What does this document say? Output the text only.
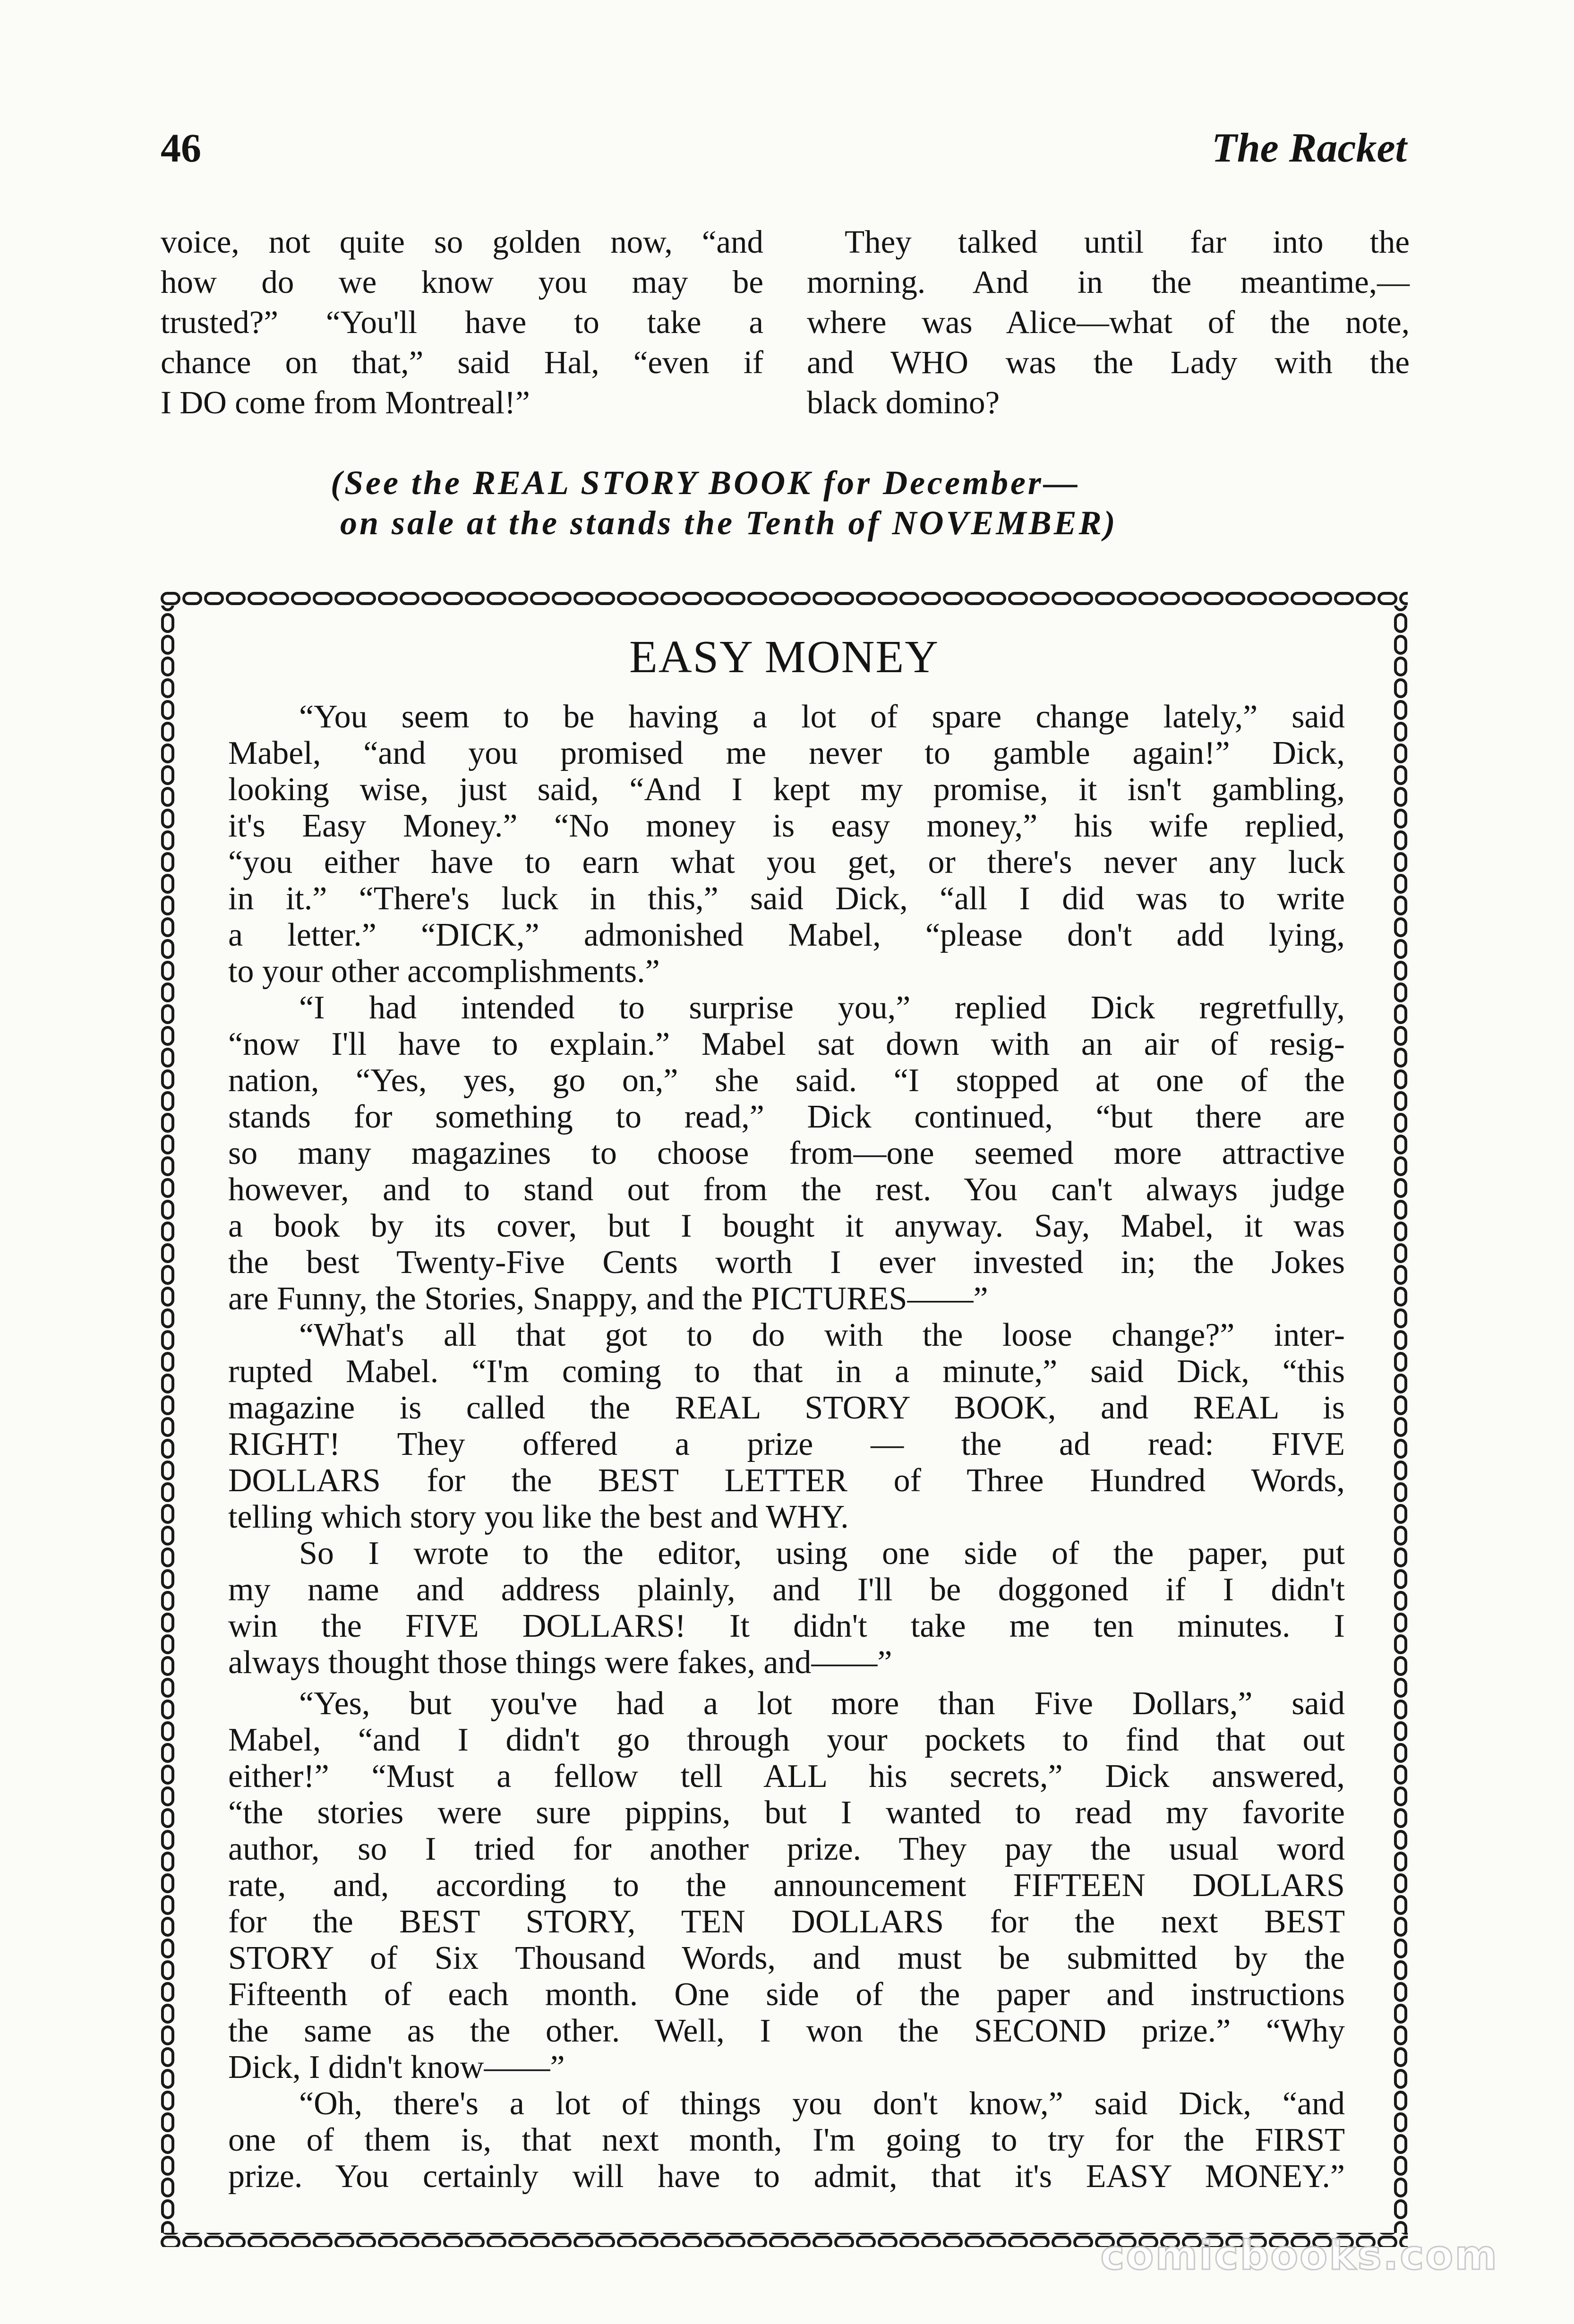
46	The Racket
voice, not quite so golden now, “and
how do we know you may be
trusted?” “You'll have to take a
chance on that,” said Hal, “even if
I DO come from Montreal!”
They talked until far into the
morning. And in the meantime,—
where was Alice—what of the note,
and WHO was the Lady with the
black domino?
(See the REAL STORY BOOK for December—
on sale at the stands the Tenth of NOVEMBER)
EASY MONEY
“You seem to be having a lot of spare change lately,” said
Mabel, “and you promised me never to gamble again!” Dick,
looking wise, just said, “And I kept my promise, it isn't gambling,
it's Easy Money.” “No money is easy money,” his wife replied,
“you either have to earn what you get, or there's never any luck
in it.” “There's luck in this,” said Dick, “all I did was to write
a letter.” “DICK,” admonished Mabel, “please don't add lying,
to your other accomplishments.”
“I had intended to surprise you,” replied Dick regretfully,
“now I'll have to explain.” Mabel sat down with an air of resig-
nation, “Yes, yes, go on,” she said. “I stopped at one of the
stands for something to read,” Dick continued, “but there are
so many magazines to choose from—one seemed more attractive
however, and to stand out from the rest. You can't always judge
a book by its cover, but I bought it anyway. Say, Mabel, it was
the best Twenty-Five Cents worth I ever invested in; the Jokes
are Funny, the Stories, Snappy, and the PICTURES——”
“What's all that got to do with the loose change?” inter-
rupted Mabel. “I'm coming to that in a minute,” said Dick, “this
magazine is called the REAL STORY BOOK, and REAL is
RIGHT! They offered a prize — the ad read: FIVE
DOLLARS for the BEST LETTER of Three Hundred Words,
telling which story you like the best and WHY.
So I wrote to the editor, using one side of the paper, put
my name and address plainly, and I'll be doggoned if I didn't
win the FIVE DOLLARS! It didn't take me ten minutes. I
always thought those things were fakes, and——”
“Yes, but you've had a lot more than Five Dollars,” said
Mabel, “and I didn't go through your pockets to find that out
either!” “Must a fellow tell ALL his secrets,” Dick answered,
“the stories were sure pippins, but I wanted to read my favorite
author, so I tried for another prize. They pay the usual word
rate, and, according to the announcement FIFTEEN DOLLARS
for the BEST STORY, TEN DOLLARS for the next BEST
STORY of Six Thousand Words, and must be submitted by the
Fifteenth of each month. One side of the paper and instructions
the same as the other. Well, I won the SECOND prize.” “Why
Dick, I didn't know——”
“Oh, there's a lot of things you don't know,” said Dick, “and
one of them is, that next month, I'm going to try for the FIRST
prize. You certainly will have to admit, that it's EASY MONEY.”
comicbooks.com
